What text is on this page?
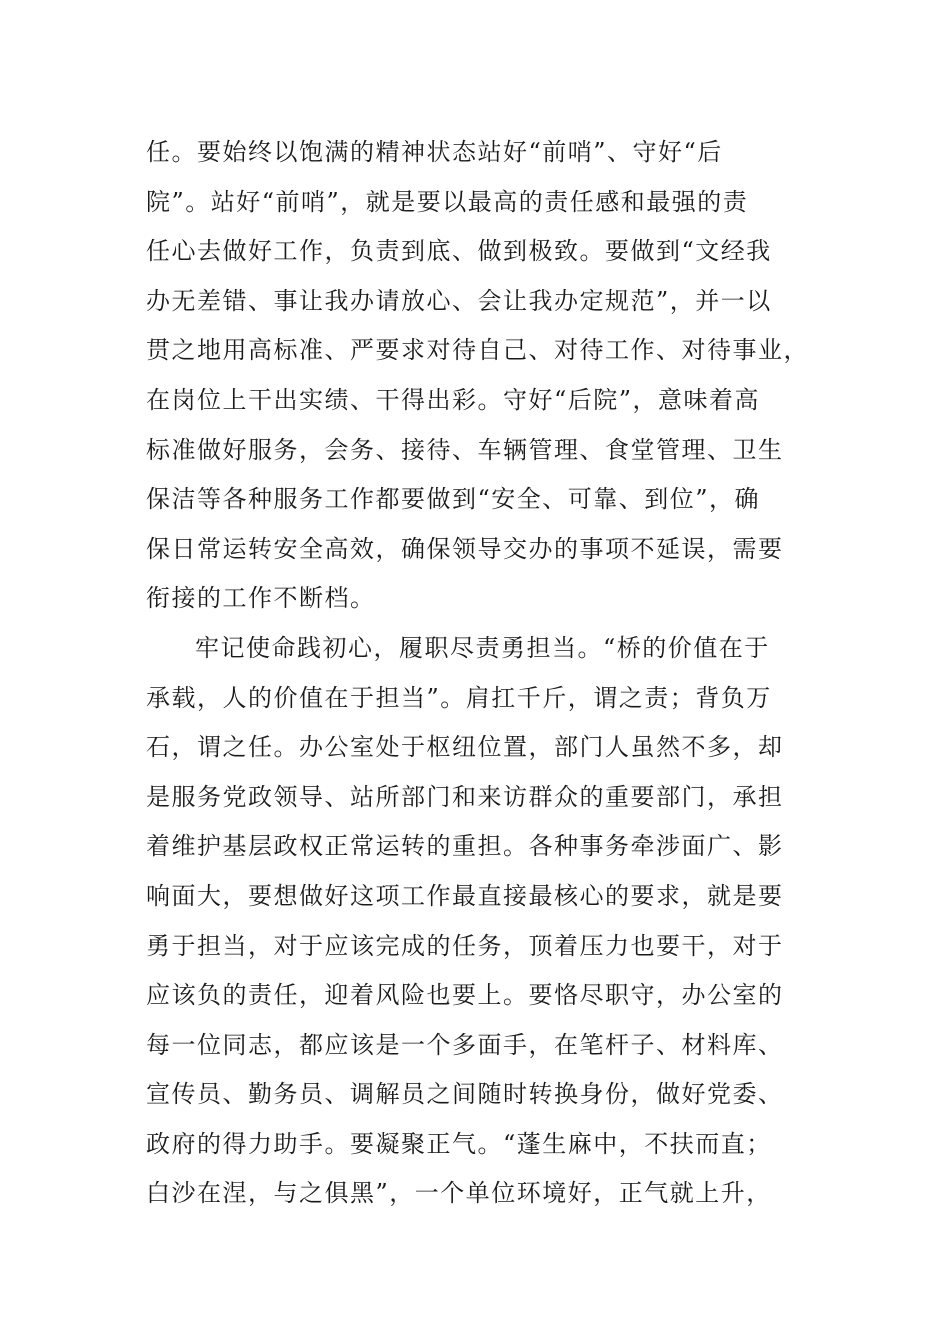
任。要始终以饱满的精神状态站好“前哨”、守好“后
院”。站好“前哨”，就是要以最高的责任感和最强的责
任心去做好工作，负责到底、做到极致。要做到“文经我
办无差错、事让我办请放心、会让我办定规范”，并一以
贯之地用高标准、严要求对待自己、对待工作、对待事业，
在岗位上干出实绩、干得出彩。守好“后院”，意味着高
标准做好服务，会务、接待、车辆管理、食堂管理、卫生
保洁等各种服务工作都要做到“安全、可靠、到位”，确
保日常运转安全高效，确保领导交办的事项不延误，需要
衔接的工作不断档。
牢记使命践初心，履职尽责勇担当。“桥的价值在于
承载，人的价值在于担当”。肩扛千斤，谓之责；背负万
石，谓之任。办公室处于枢纽位置，部门人虽然不多，却
是服务党政领导、站所部门和来访群众的重要部门，承担
着维护基层政权正常运转的重担。各种事务牵涉面广、影
响面大，要想做好这项工作最直接最核心的要求，就是要
勇于担当，对于应该完成的任务，顶着压力也要干，对于
应该负的责任，迎着风险也要上。要恪尽职守，办公室的
每一位同志，都应该是一个多面手，在笔杆子、材料库、
宣传员、勤务员、调解员之间随时转换身份，做好党委、
政府的得力助手。要凝聚正气。“蓬生麻中，不扶而直；
白沙在涅，与之俱黑”，一个单位环境好，正气就上升，
